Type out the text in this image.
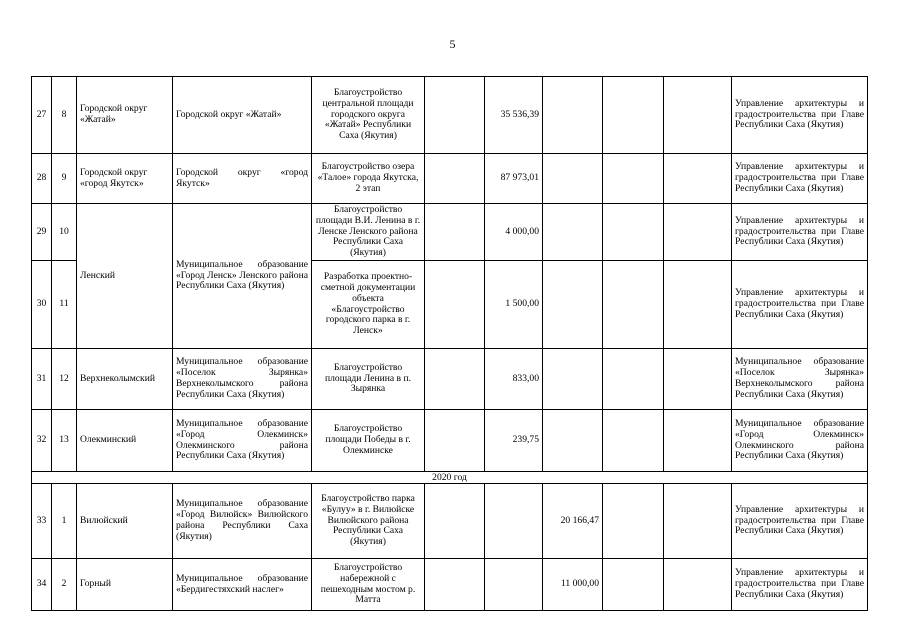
5
27	8	Городской округ «Жатай»	Городской округ «Жатай»	Благоустройство центральной площади городского округа «Жатай» Республики Саха (Якутия)		35 536,39				Управление архитектуры и градостроительства при Главе Республики Саха (Якутия)
28	9	Городской округ «город Якутск»	Городской округ «город Якутск»	Благоустройство озера «Талое» города Якутска, 2 этап		87 973,01				Управление архитектуры и градостроительства при Главе Республики Саха (Якутия)
29	10	Ленский	Муниципальное образование «Город Ленск» Ленского района Республики Саха (Якутия)	Благоустройство площади В.И. Ленина в г. Ленске Ленского района Республики Саха (Якутия)		4 000,00				Управление архитектуры и градостроительства при Главе Республики Саха (Якутия)
30	11			Разработка проектно-сметной документации объекта «Благоустройство городского парка в г. Ленск»		1 500,00				Управление архитектуры и градостроительства при Главе Республики Саха (Якутия)
31	12	Верхнеколымский	Муниципальное образование «Поселок Зырянка» Верхнеколымского района Республики Саха (Якутия)	Благоустройство площади Ленина в п. Зырянка		833,00				Муниципальное образование «Поселок Зырянка» Верхнеколымского района Республики Саха (Якутия)
32	13	Олекминский	Муниципальное образование «Город Олекминск» Олекминского района Республики Саха (Якутия)	Благоустройство площади Победы в г. Олекминске		239,75				Муниципальное образование «Город Олекминск» Олекминского района Республики Саха (Якутия)
2020 год										
33	1	Вилюйский	Муниципальное образование «Город Вилюйск» Вилюйского района Республики Саха (Якутия)	Благоустройство парка «Булуу» в г. Вилюйске Вилюйского района Республики Саха (Якутия)			20 166,47			Управление архитектуры и градостроительства при Главе Республики Саха (Якутия)
34	2	Горный	Муниципальное образование «Бердигестяхский наслег»	Благоустройство набережной с пешеходным мостом р. Матта			11 000,00			Управление архитектуры и градостроительства при Главе Республики Саха (Якутия)
